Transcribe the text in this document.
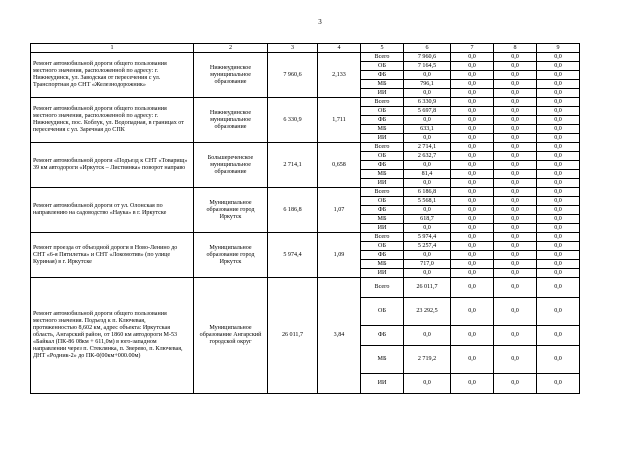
3
1	2	3	4	5	6	7	8	9
Ремонт автомобильной дороги общего пользования местного значения, расположенной по адресу: г. Нижнеудинск, ул. Заводская от пересечения с ул. Транспортная до СНТ «Железнодорожник»	Нижнеудинское муниципальное образование	7 960,6	2,133	Всего	7 960,6	0,0	0,0	0,0
				ОБ	7 164,5	0,0	0,0	0,0
				ФБ	0,0	0,0	0,0	0,0
				МБ	796,1	0,0	0,0	0,0
				ИИ	0,0	0,0	0,0	0,0
Ремонт автомобильной дороги общего пользования местного значения, расположенной по адресу: г. Нижнеудинск, пос. Коблук, ул. Водопадная, в границах от пересечения с ул. Заречная до СПК	Нижнеудинское муниципальное образование	6 330,9	1,711	Всего	6 330,9	0,0	0,0	0,0
				ОБ	5 697,8	0,0	0,0	0,0
				ФБ	0,0	0,0	0,0	0,0
				МБ	633,1	0,0	0,0	0,0
				ИИ	0,0	0,0	0,0	0,0
Ремонт автомобильной дороги «Подъезд к СНТ «Товарищ» 39 км автодороги «Иркутск – Листвянка» поворот направо	Большереченское муниципальное образование	2 714,1	0,658	Всего	2 714,1	0,0	0,0	0,0
				ОБ	2 632,7	0,0	0,0	0,0
				ФБ	0,0	0,0	0,0	0,0
				МБ	81,4	0,0	0,0	0,0
				ИИ	0,0	0,0	0,0	0,0
Ремонт автомобильной дороги от ул. Олонская по направлению на садоводство «Наука» в г. Иркутске	Муниципальное образование город Иркутск	6 186,8	1,07	Всего	6 186,8	0,0	0,0	0,0
				ОБ	5 568,1	0,0	0,0	0,0
				ФБ	0,0	0,0	0,0	0,0
				МБ	618,7	0,0	0,0	0,0
				ИИ	0,0	0,0	0,0	0,0
Ремонт проезда от объездной дороги в Ново-Ленино до СНТ «6-я Пятилетка» и СНТ «Локомотив» (по улице Куриная) в г. Иркутске	Муниципальное образование город Иркутск	5 974,4	1,09	Всего	5 974,4	0,0	0,0	0,0
				ОБ	5 257,4	0,0	0,0	0,0
				ФБ	0,0	0,0	0,0	0,0
				МБ	717,0	0,0	0,0	0,0
				ИИ	0,0	0,0	0,0	0,0
Ремонт автомобильной дороги общего пользования местного значения. Подъезд к п. Ключевая, протяженностью 8,602 км, адрес объекта: Иркутская область, Ангарский район, от 1860 км автодороги М-53 «Байкал (ПК-86 08км + 611,0м) в юго-западном направлении через п. Стеклянка, п. Зверево, п. Ключевая, ДНТ «Родник-2» до ПК-0(00км+000.00м)	Муниципальное образование Ангарский городской округ	26 011,7	3,84	Всего	26 011,7	0,0	0,0	0,0
				ОБ	23 292,5	0,0	0,0	0,0
				ФБ	0,0	0,0	0,0	0,0
				МБ	2 719,2	0,0	0,0	0,0
				ИИ	0,0	0,0	0,0	0,0
